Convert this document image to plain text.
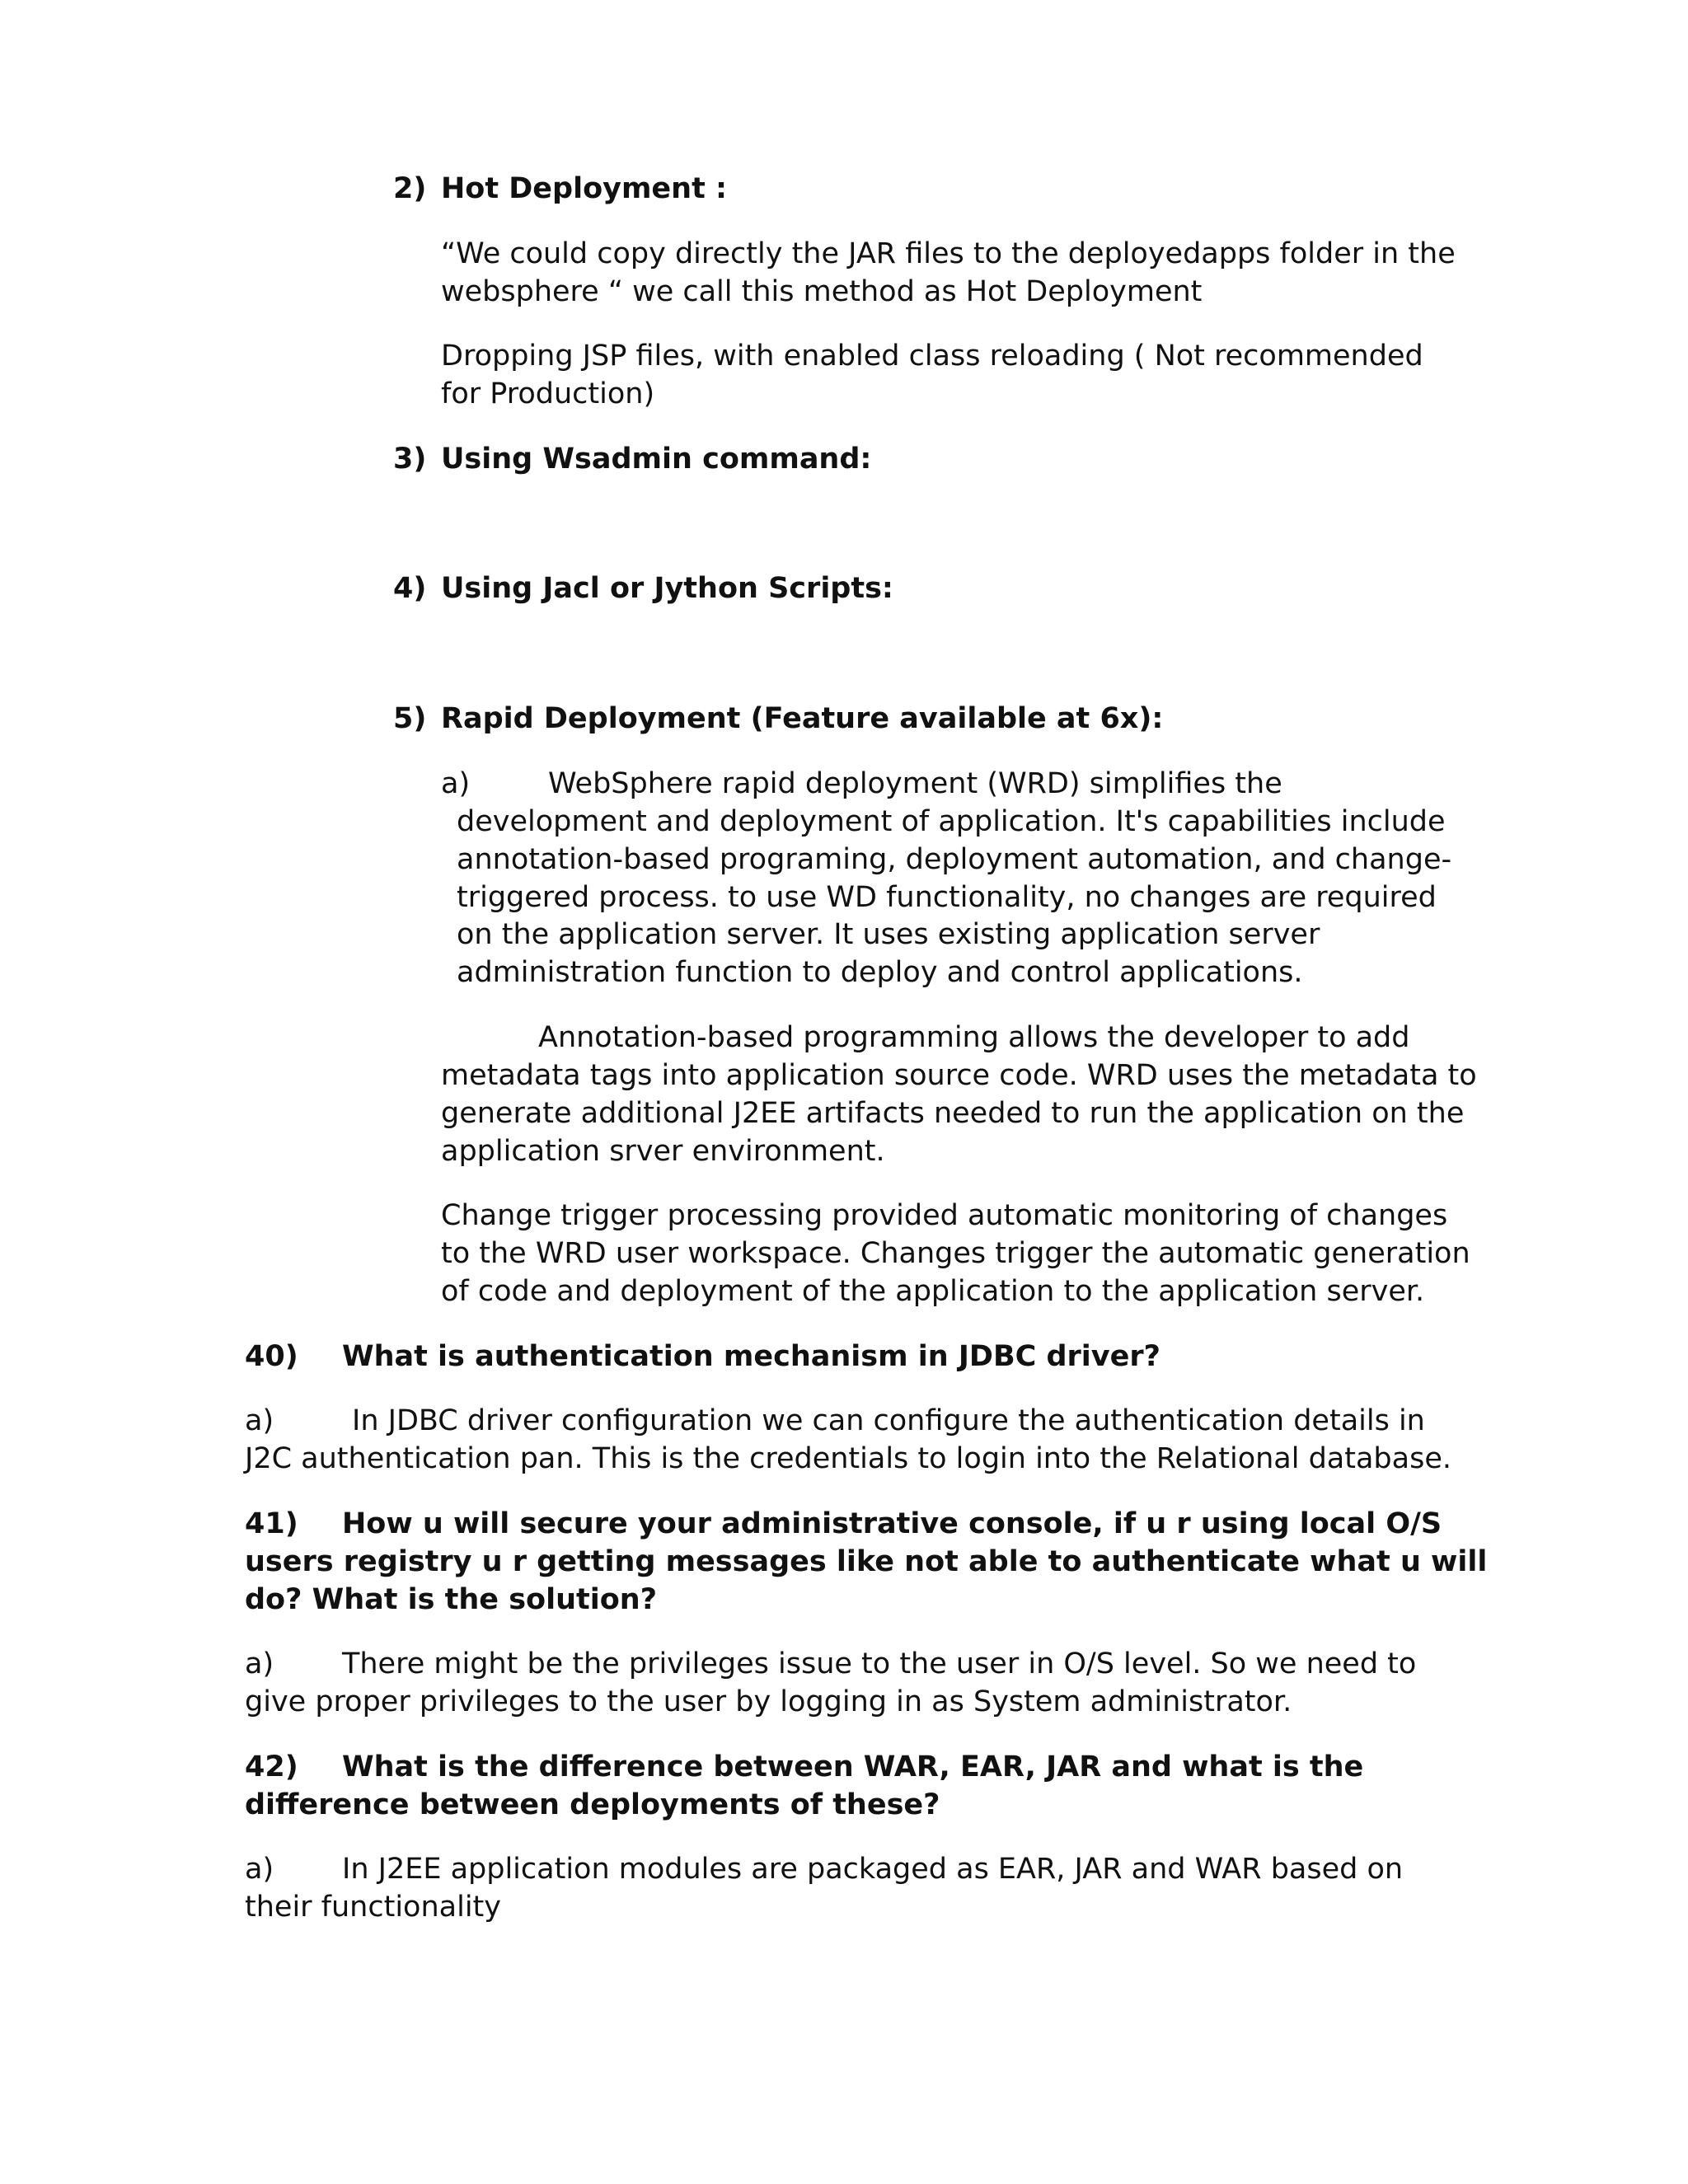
2) Hot Deployment :

“We could copy directly the JAR files to the deployedapps folder in the

websphere “ we call this method as Hot Deployment

Dropping JSP files, with enabled class reloading ( Not recommended

for Production)

3) Using Wsadmin command:
4) Using Jacl or Jython Scripts:
5) Rapid Deployment (Feature available at 6x):

a)	WebSphere rapid deployment (WRD) simplifies the

development and deployment of application. It's capabilities include

annotation-based programing, deployment automation, and change-

triggered process. to use WD functionality, no changes are required

on the application server. It uses existing application server

administration function to deploy and control applications.

Annotation-based programming allows the developer to add

metadata tags into application source code. WRD uses the metadata to

generate additional J2EE artifacts needed to run the application on the

application srver environment.

Change trigger processing provided automatic monitoring of changes

to the WRD user workspace. Changes trigger the automatic generation

of code and deployment of the application to the application server.

40) What is authentication mechanism in JDBC driver?

a)	In JDBC driver configuration we can configure the authentication details in

J2C authentication pan. This is the credentials to login into the Relational database.

41) How u will secure your administrative console, if u r using local O/S

users registry u r getting messages like not able to authenticate what u will

do? What is the solution?

a) There might be the privileges issue to the user in O/S level. So we need to

give proper privileges to the user by logging in as System administrator.

42) What is the difference between WAR, EAR, JAR and what is the

difference between deployments of these?

a) In J2EE application modules are packaged as EAR, JAR and WAR based on

their functionality
